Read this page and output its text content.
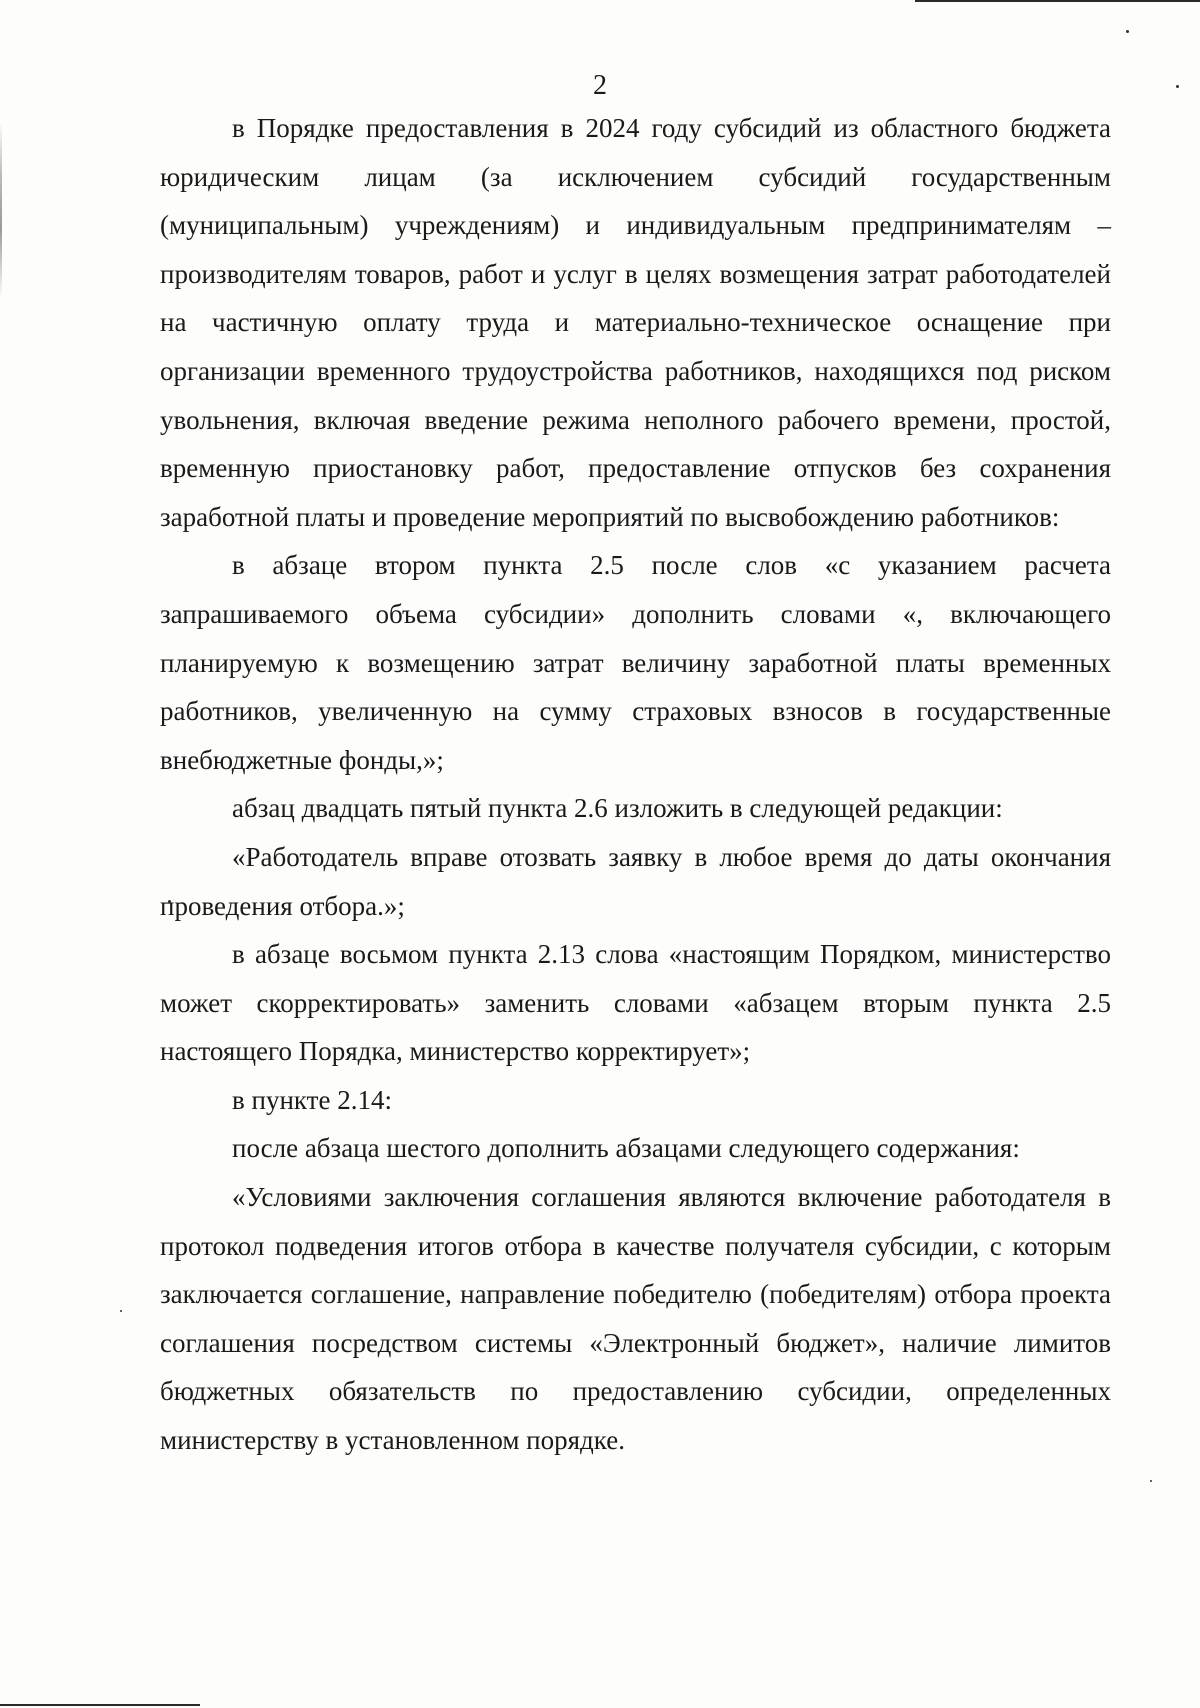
2

в Порядке предоставления в 2024 году субсидий из областного бюджета юридическим лицам (за исключением субсидий государственным (муниципальным) учреждениям) и индивидуальным предпринимателям – производителям товаров, работ и услуг в целях возмещения затрат работодателей на частичную оплату труда и материально-техническое оснащение при организации временного трудоустройства работников, находящихся под риском увольнения, включая введение режима неполного рабочего времени, простой, временную приостановку работ, предоставление отпусков без сохранения заработной платы и проведение мероприятий по высвобождению работников:

в абзаце втором пункта 2.5 после слов «с указанием расчета запрашиваемого объема субсидии» дополнить словами «, включающего планируемую к возмещению затрат величину заработной платы временных работников, увеличенную на сумму страховых взносов в государственные внебюджетные фонды,»;

абзац двадцать пятый пункта 2.6 изложить в следующей редакции:

«Работодатель вправе отозвать заявку в любое время до даты окончания проведения отбора.»;

в абзаце восьмом пункта 2.13 слова «настоящим Порядком, министерство может скорректировать» заменить словами «абзацем вторым пункта 2.5 настоящего Порядка, министерство корректирует»;

в пункте 2.14:

после абзаца шестого дополнить абзацами следующего содержания:

«Условиями заключения соглашения являются включение работодателя в протокол подведения итогов отбора в качестве получателя субсидии, с которым заключается соглашение, направление победителю (победителям) отбора проекта соглашения посредством системы «Электронный бюджет», наличие лимитов бюджетных обязательств по предоставлению субсидии, определенных министерству в установленном порядке.
